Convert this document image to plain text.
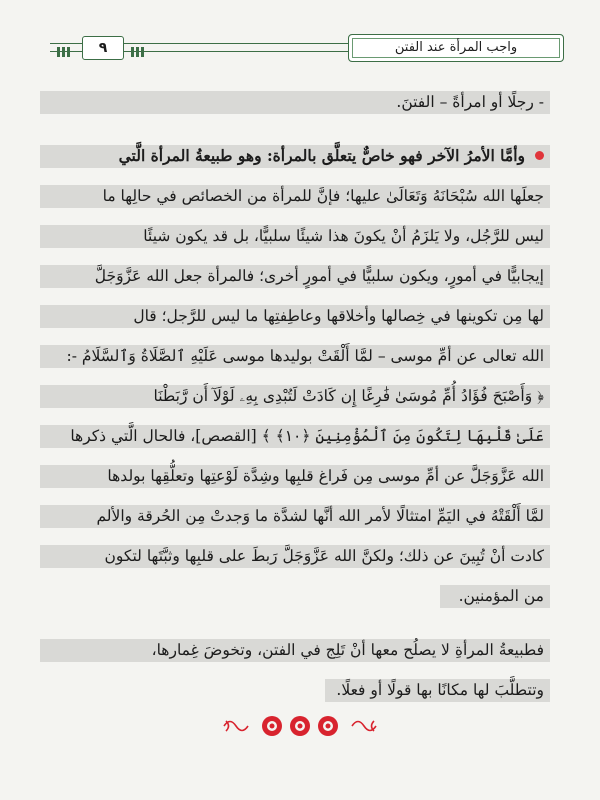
٩	واجب المرأة عند الفتن
- رجلًا أو امرأةً – الفتنَ.
وأمَّا الأمرُ الآخر فهو خاصٌّ يتعلَّق بالمرأة: وهو طبيعةُ المرأة الَّتي
جعلَها الله سُبْحَانَهُ وَتَعَالَىٰ عليها؛ فإنَّ للمرأة من الخصائص في حالِها ما
ليس للرَّجُل، ولا يَلزَمُ أنْ يكونَ هذا شيئًا سلبيًّا، بل قد يكون شيئًا
إيجابيًّا في أمورٍ، ويكون سلبيًّا في أمورٍ أخرى؛ فالمرأة جعل الله عَزَّوَجَلَّ
لها مِن تكوينها في خِصالها وأخلاقها وعاطِفتِها ما ليس للرَّجل؛ قال
الله تعالى عن أمِّ موسى – لمَّا أَلْقَتْ بوليدها موسى عَلَيْهِ ٱلصَّلَاةُ وَٱلسَّلَامُ -:
﴿ وَأَصْبَحَ فُؤَادُ أُمِّ مُوسَىٰ فَٰرِغًا إِن كَادَتْ لَتُبْدِى بِهِۦ لَوْلَآ أَن رَّبَطْنَا
عَلَىٰ قَلْبِهَا لِتَكُونَ مِنَ ٱلْمُؤْمِنِينَ ﴿١٠﴾ ﴾ [القصص]، فالحال الَّتي ذكرها
الله عَزَّوَجَلَّ عن أمِّ موسى مِن فَراغ قلبِها وشِدَّة لَوْعتِها وتعلُّقِها بولدها
لمَّا أَلْقَتْهُ في اليَمِّ امتثالًا لأمر الله أنَّها لشدَّة ما وَجدتْ مِن الحُرقة والألم
كادت أنْ تُبِينَ عن ذلك؛ ولكنَّ الله عَزَّوَجَلَّ رَبطَ على قلبِها وثبَّتَها لتكون
من المؤمنين.
فطبيعةُ المرأةِ لا يصلُح معها أنْ تَلِج في الفتن، وتخوضَ غِمارها،
وتتطلَّبَ لها مكانًا بها قولًا أو فعلًا.
